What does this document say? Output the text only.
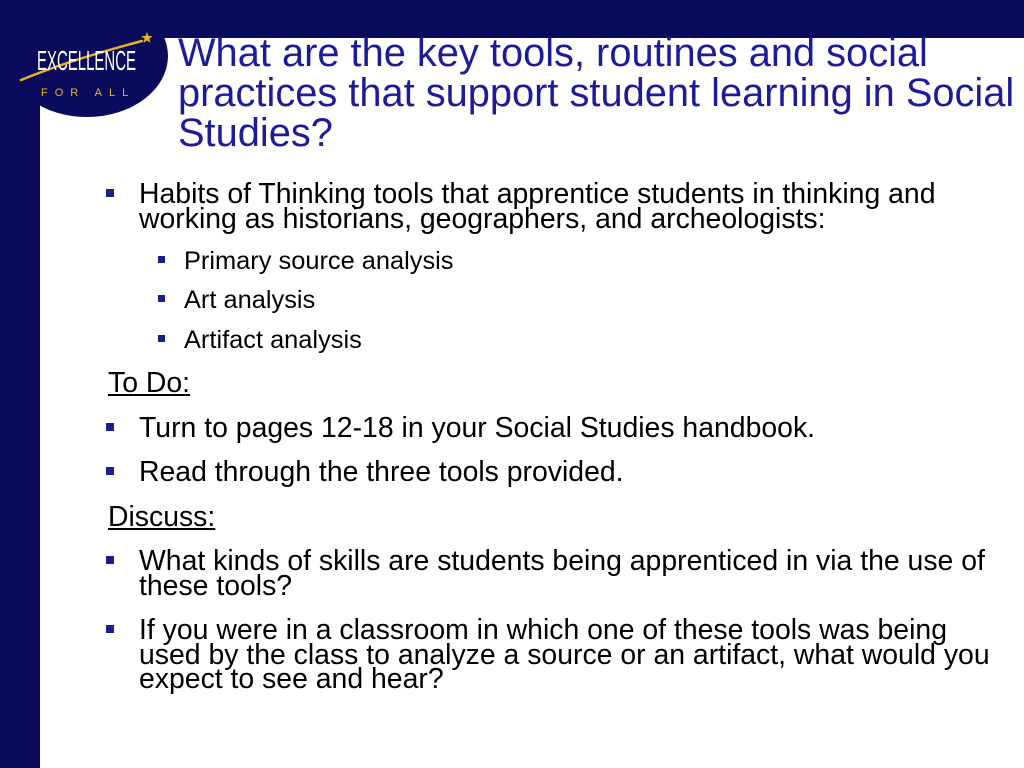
EXCELLENCE
FOR ALL
What are the key tools, routines and social practices that support student learning in Social Studies?

Habits of Thinking tools that apprentice students in thinking and working as historians, geographers, and archeologists:

Primary source analysis

Art analysis

Artifact analysis

To Do:

Turn to pages 12-18 in your Social Studies handbook.

Read through the three tools provided.

Discuss:

What kinds of skills are students being apprenticed in via the use of these tools?

If you were in a classroom in which one of these tools was being used by the class to analyze a source or an artifact, what would you expect to see and hear?
